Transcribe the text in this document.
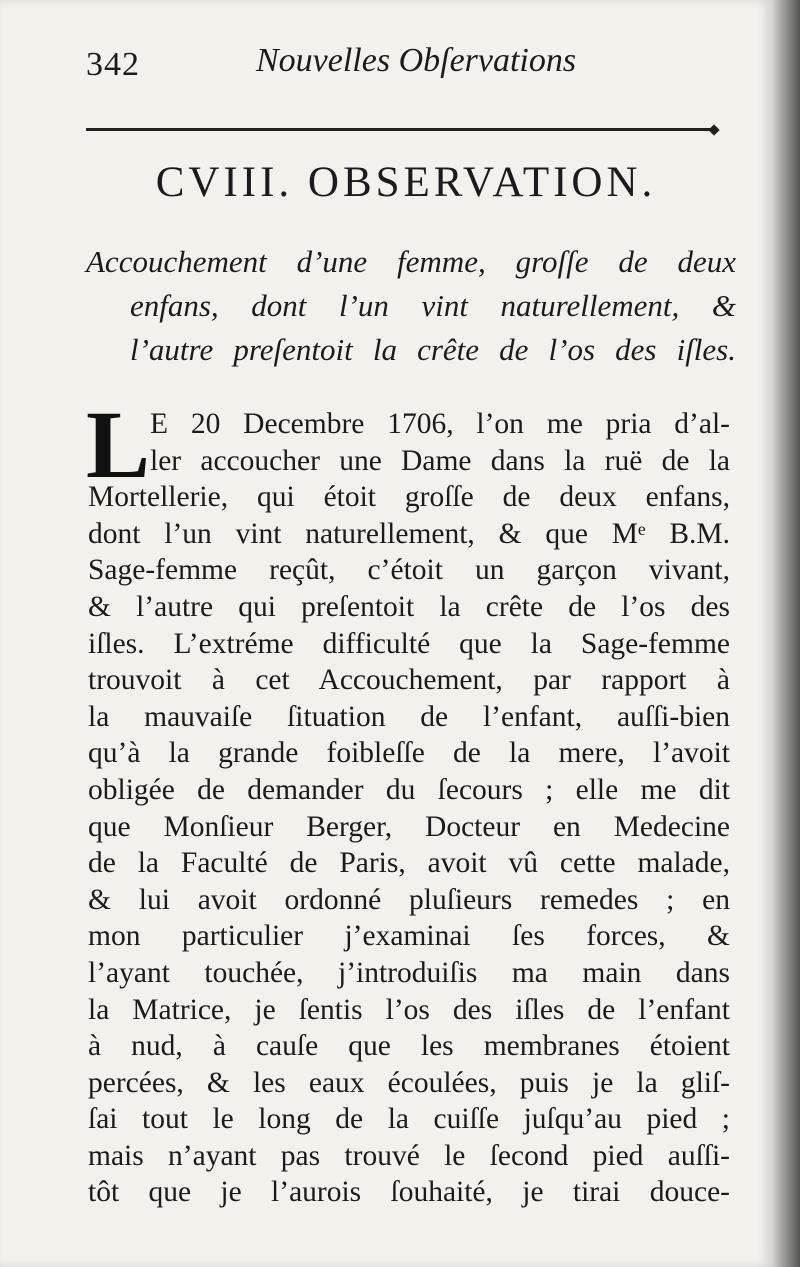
342	Nouvelles Obſervations
CVIII. OBSERVATION.
Accouchement d’une femme, groſſe de deux
enfans, dont l’un vint naturellement, &
l’autre preſentoit la crête de l’os des iſles.
L E 20 Decembre 1706, l’on me pria d’al-
ler accoucher une Dame dans la ruë de la
Mortellerie, qui étoit groſſe de deux enfans,
dont l’un vint naturellement, & que Mᵉ B.M.
Sage-femme reçût, c’étoit un garçon vivant,
& l’autre qui preſentoit la crête de l’os des
iſles. L’extréme difficulté que la Sage-femme
trouvoit à cet Accouchement, par rapport à
la mauvaiſe ſituation de l’enfant, auſſi-bien
qu’à la grande foibleſſe de la mere, l’avoit
obligée de demander du ſecours ; elle me dit
que Monſieur Berger, Docteur en Medecine
de la Faculté de Paris, avoit vû cette malade,
& lui avoit ordonné pluſieurs remedes ; en
mon particulier j’examinai ſes forces, &
l’ayant touchée, j’introduiſis ma main dans
la Matrice, je ſentis l’os des iſles de l’enfant
à nud, à cauſe que les membranes étoient
percées, & les eaux écoulées, puis je la gliſ-
ſai tout le long de la cuiſſe juſqu’au pied ;
mais n’ayant pas trouvé le ſecond pied auſſi-
tôt que je l’aurois ſouhaité, je tirai douce-
